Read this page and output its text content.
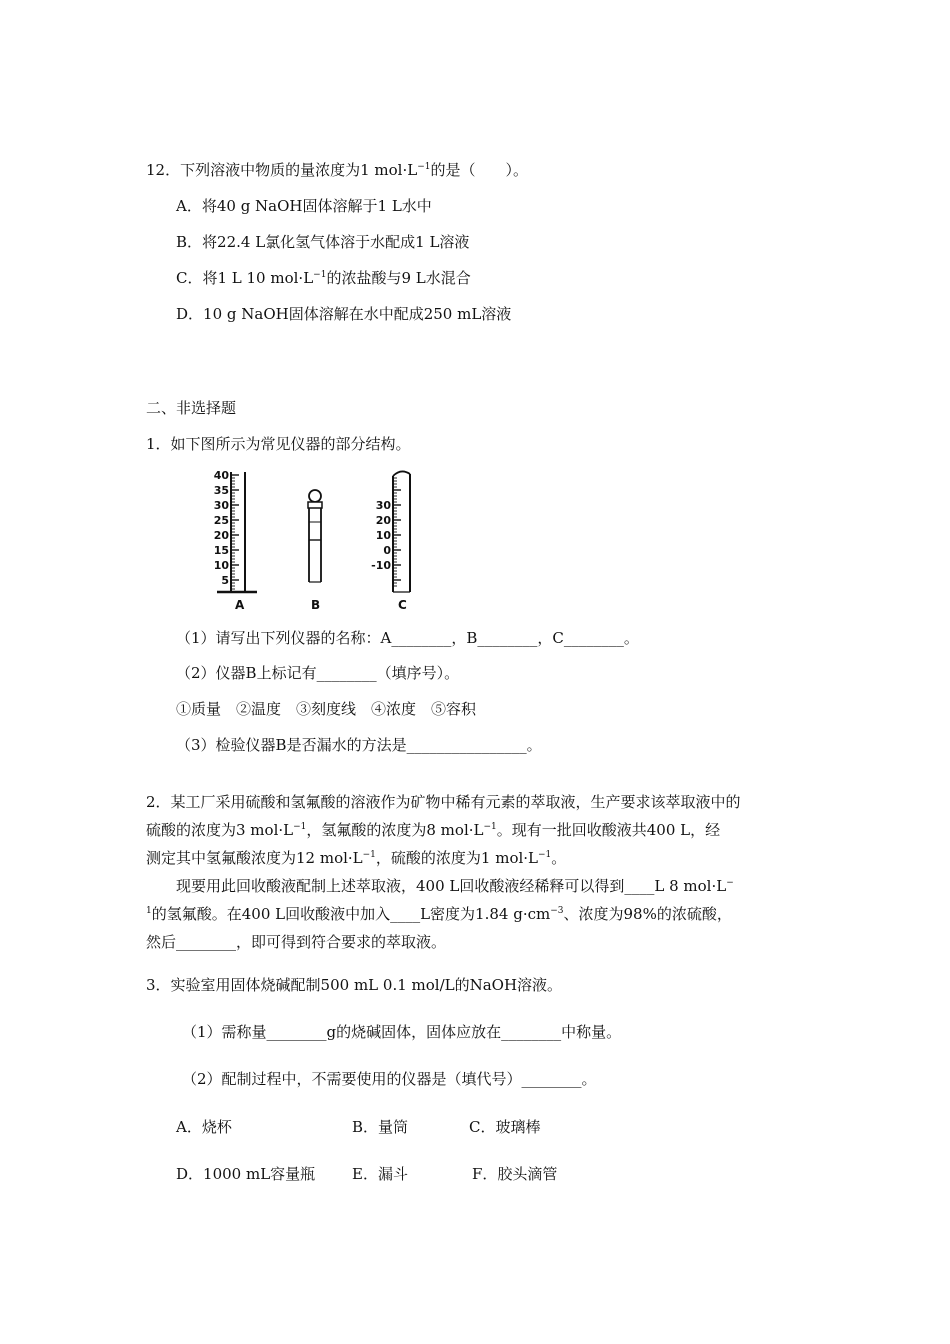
12．下列溶液中物质的量浓度为1 $mol\cdot L^{-1}$的是（　　）。
A．将40 g NaOH固体溶解于1 L水中
B．将22.4 L氯化氢气体溶于水配成1 L溶液
C．将1 L 10 $mol\cdot L^{-1}$的浓盐酸与9 L水混合
D．10 g NaOH固体溶解在水中配成250 mL溶液
二、非选择题
1．如下图所示为常见仪器的部分结构。
40
35
30
25
20
15
10
5
A	B
30
20
10
0
-10
C
（1）请写出下列仪器的名称：A________，B________，C________。
（2）仪器B上标记有________（填序号）。
①质量　②温度　③刻度线　④浓度　⑤容积
（3）检验仪器B是否漏水的方法是________________。
2．某工厂采用硫酸和氢氟酸的溶液作为矿物中稀有元素的萃取液，生产要求该萃取液中的
硫酸的浓度为3 $mol\cdot L^{-1}$，氢氟酸的浓度为8 $mol\cdot L^{-1}$。现有一批回收酸液共400 L，经
测定其中氢氟酸浓度为12 $mol\cdot L^{-1}$，硫酸的浓度为1 $mol\cdot L^{-1}$。
　　现要用此回收酸液配制上述萃取液，400 L回收酸液经稀释可以得到____L 8 mol·L−
$^1$的氢氟酸。在400 L回收酸液中加入____L密度为1.84 $g\cdot cm^{-3}$、浓度为98%的浓硫酸，
然后________，即可得到符合要求的萃取液。
3．实验室用固体烧碱配制500 mL 0.1 mol/L的NaOH溶液。
（1）需称量________g的烧碱固体，固体应放在________中称量。
（2）配制过程中，不需要使用的仪器是（填代号）________。
A．烧杯	B．量筒	C．玻璃棒
D．1000 mL容量瓶 E．漏斗	F．胶头滴管
